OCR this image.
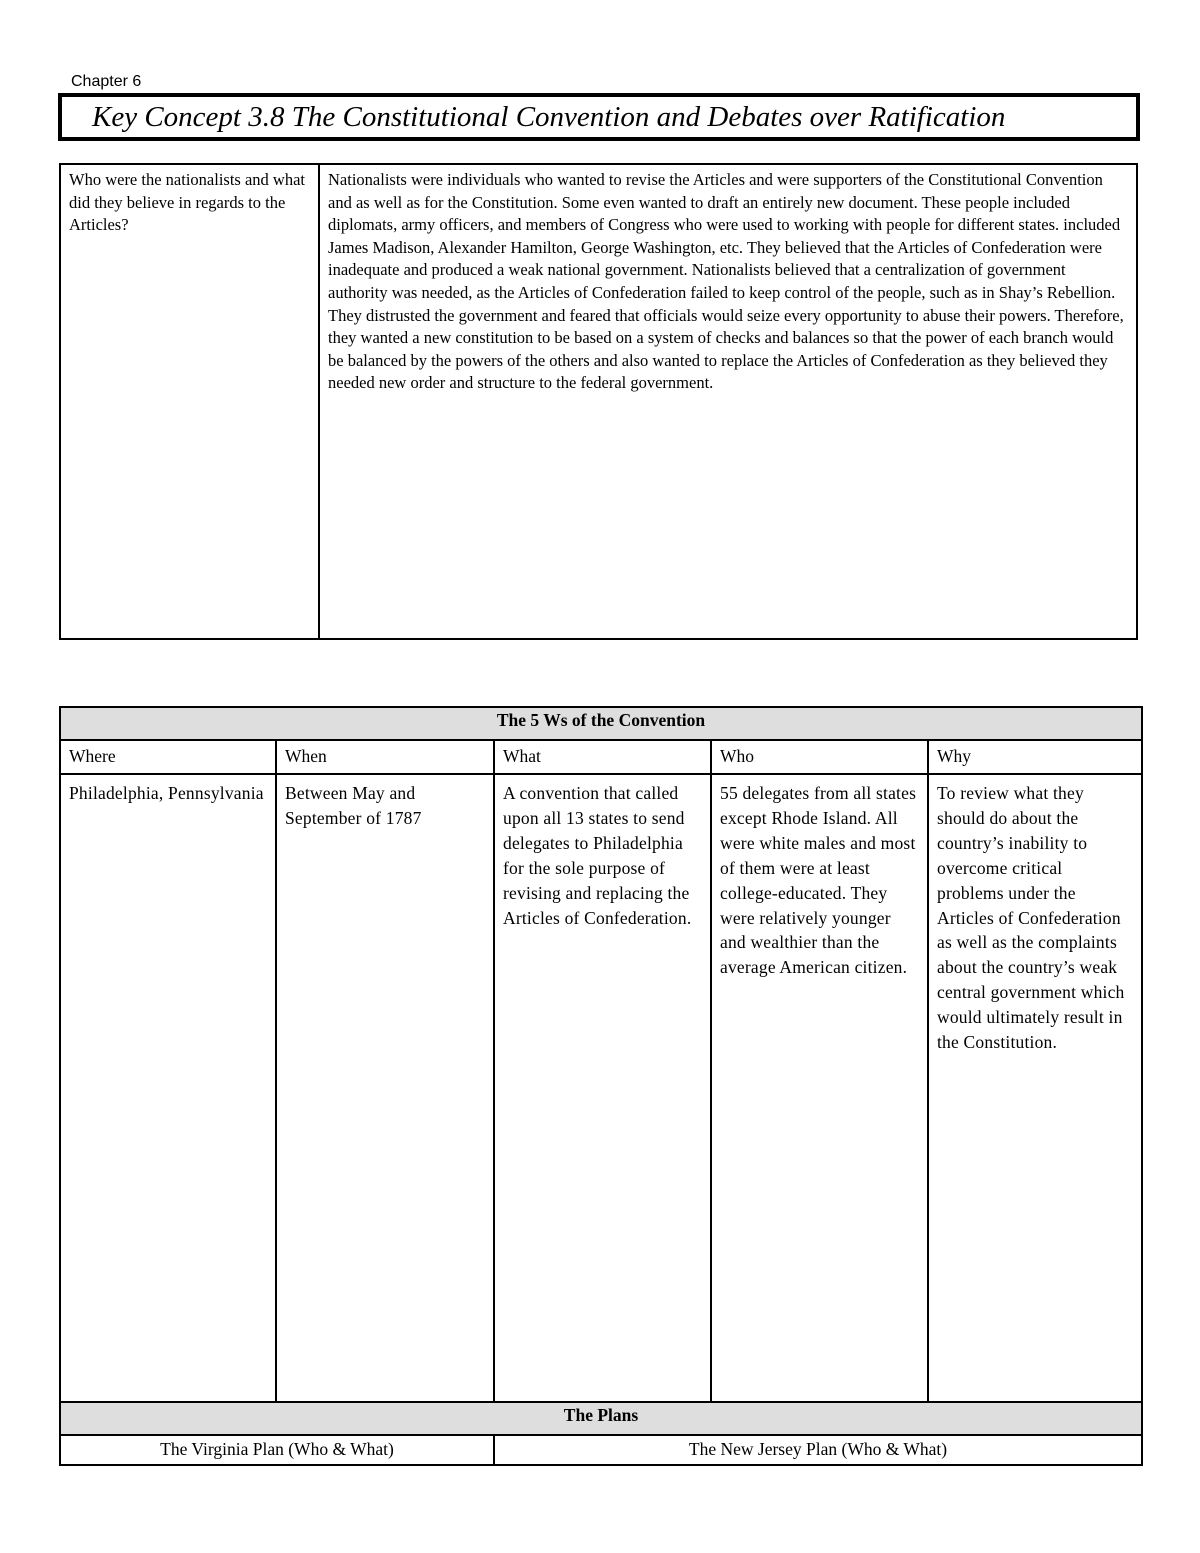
Chapter 6
Key Concept 3.8 The Constitutional Convention and Debates over Ratification
Who were the nationalists and what did they believe in regards to the Articles?	Nationalists were individuals who wanted to revise the Articles and were supporters of the Constitutional Convention and as well as for the Constitution. Some even wanted to draft an entirely new document. These people included diplomats, army officers, and members of Congress who were used to working with people for different states. included James Madison, Alexander Hamilton, George Washington, etc. They believed that the Articles of Confederation were inadequate and produced a weak national government. Nationalists believed that a centralization of government authority was needed, as the Articles of Confederation failed to keep control of the people, such as in Shay’s Rebellion. They distrusted the government and feared that officials would seize every opportunity to abuse their powers. Therefore, they wanted a new constitution to be based on a system of checks and balances so that the power of each branch would be balanced by the powers of the others and also wanted to replace the Articles of Confederation as they believed they needed new order and structure to the federal government.
The 5 Ws of the Convention				
Where	When	What	Who	Why
Philadelphia, Pennsylvania	Between May and September of 1787	A convention that called upon all 13 states to send delegates to Philadelphia for the sole purpose of revising and replacing the Articles of Confederation.	55 delegates from all states except Rhode Island. All were white males and most of them were at least college-educated. They were relatively younger and wealthier than the average American citizen.	To review what they should do about the country’s inability to overcome critical problems under the Articles of Confederation as well as the complaints about the country’s weak central government which would ultimately result in the Constitution.
The Plans				
The Virginia Plan (Who & What)		The New Jersey Plan (Who & What)		
